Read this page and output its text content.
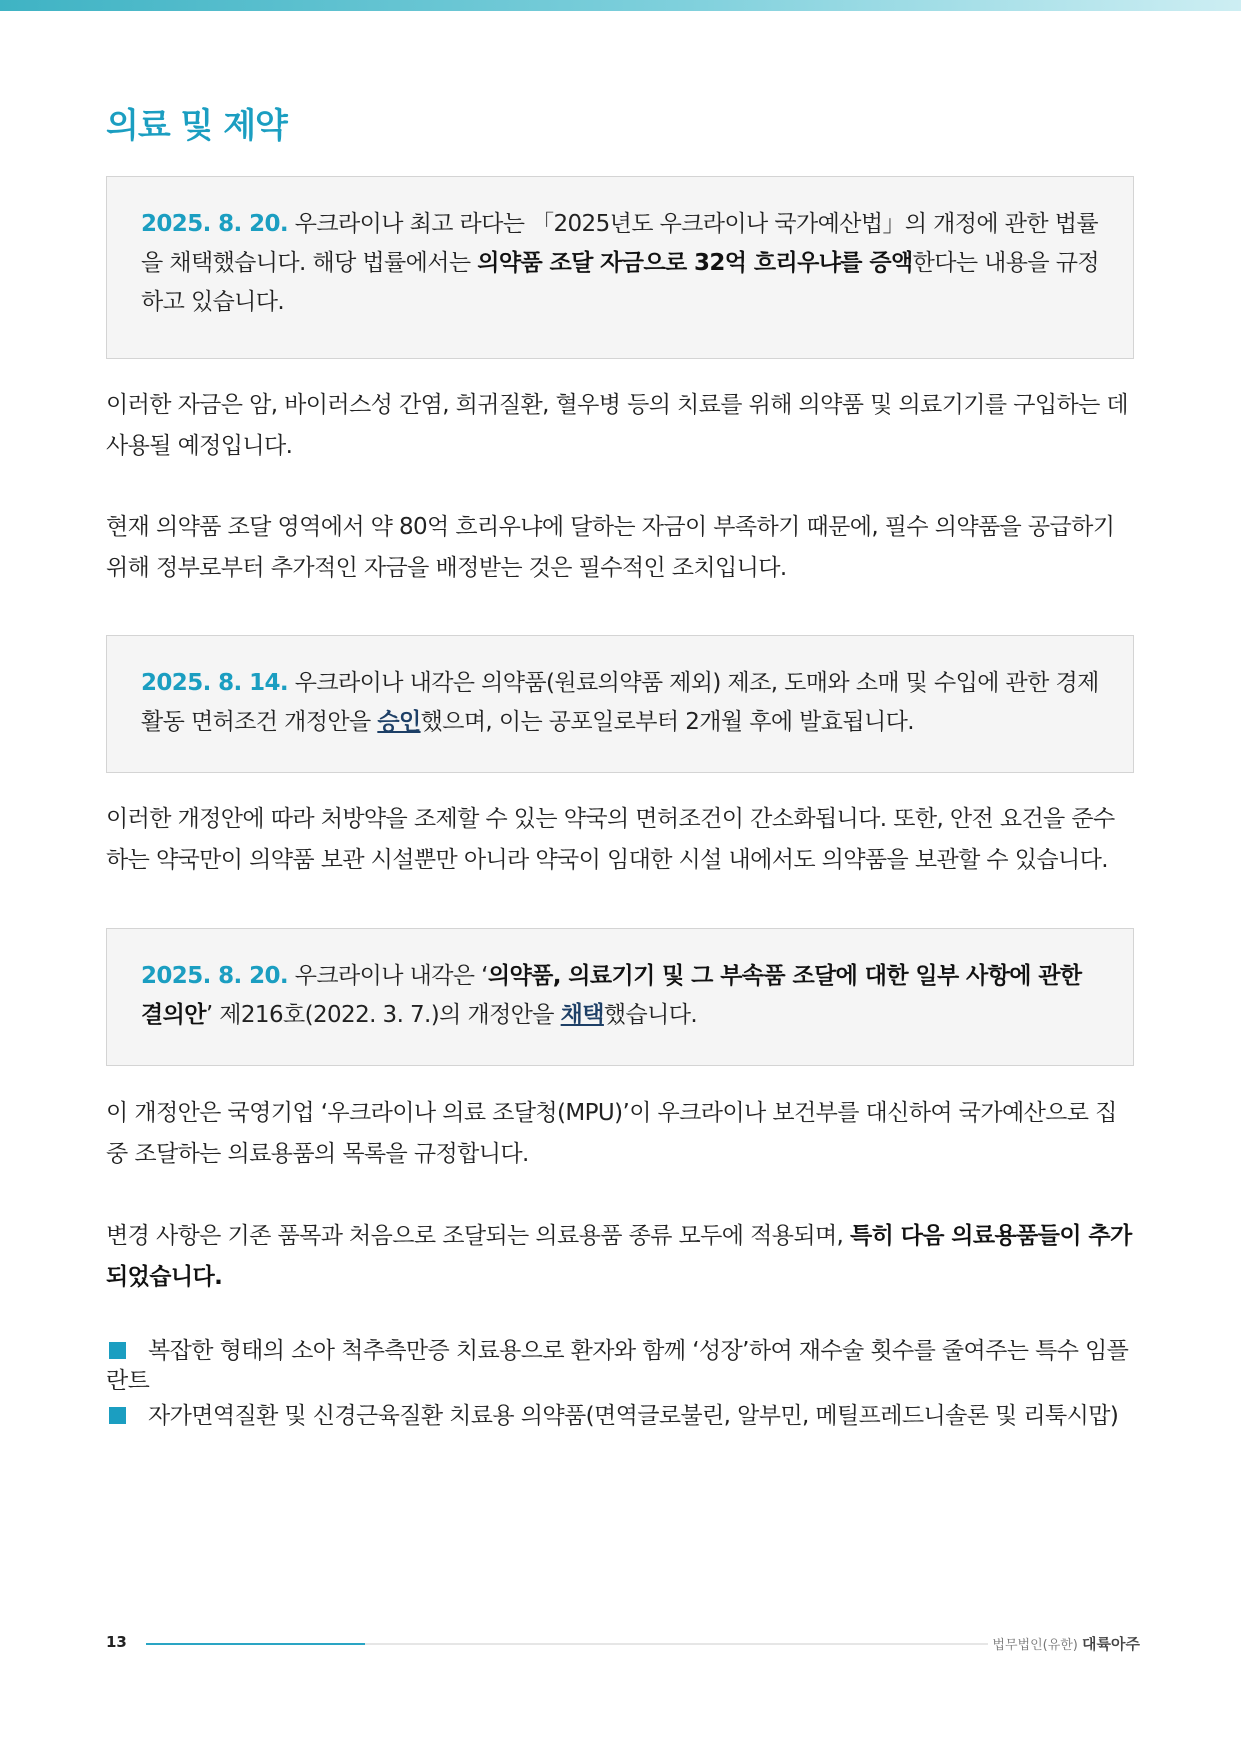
의료 및 제약
2025. 8. 20. 우크라이나 최고 라다는 「2025년도 우크라이나 국가예산법」의 개정에 관한 법률을 채택했습니다. 해당 법률에서는 의약품 조달 자금으로 32억 흐리우냐를 증액한다는 내용을 규정하고 있습니다.
이러한 자금은 암, 바이러스성 간염, 희귀질환, 혈우병 등의 치료를 위해 의약품 및 의료기기를 구입하는 데 사용될 예정입니다.
현재 의약품 조달 영역에서 약 80억 흐리우냐에 달하는 자금이 부족하기 때문에, 필수 의약품을 공급하기 위해 정부로부터 추가적인 자금을 배정받는 것은 필수적인 조치입니다.
2025. 8. 14. 우크라이나 내각은 의약품(원료의약품 제외) 제조, 도매와 소매 및 수입에 관한 경제 활동 면허조건 개정안을 승인했으며, 이는 공포일로부터 2개월 후에 발효됩니다.
이러한 개정안에 따라 처방약을 조제할 수 있는 약국의 면허조건이 간소화됩니다. 또한, 안전 요건을 준수하는 약국만이 의약품 보관 시설뿐만 아니라 약국이 임대한 시설 내에서도 의약품을 보관할 수 있습니다.
2025. 8. 20. 우크라이나 내각은 ‘의약품, 의료기기 및 그 부속품 조달에 대한 일부 사항에 관한 결의안’ 제216호(2022. 3. 7.)의 개정안을 채택했습니다.
이 개정안은 국영기업 ‘우크라이나 의료 조달청(MPU)’이 우크라이나 보건부를 대신하여 국가예산으로 집중 조달하는 의료용품의 목록을 규정합니다.
변경 사항은 기존 품목과 처음으로 조달되는 의료용품 종류 모두에 적용되며, 특히 다음 의료용품들이 추가되었습니다.
복잡한 형태의 소아 척추측만증 치료용으로 환자와 함께 ‘성장’하여 재수술 횟수를 줄여주는 특수 임플란트
자가면역질환 및 신경근육질환 치료용 의약품(면역글로불린, 알부민, 메틸프레드니솔론 및 리툭시맙)
13	법무법인(유한) 대륙아주
